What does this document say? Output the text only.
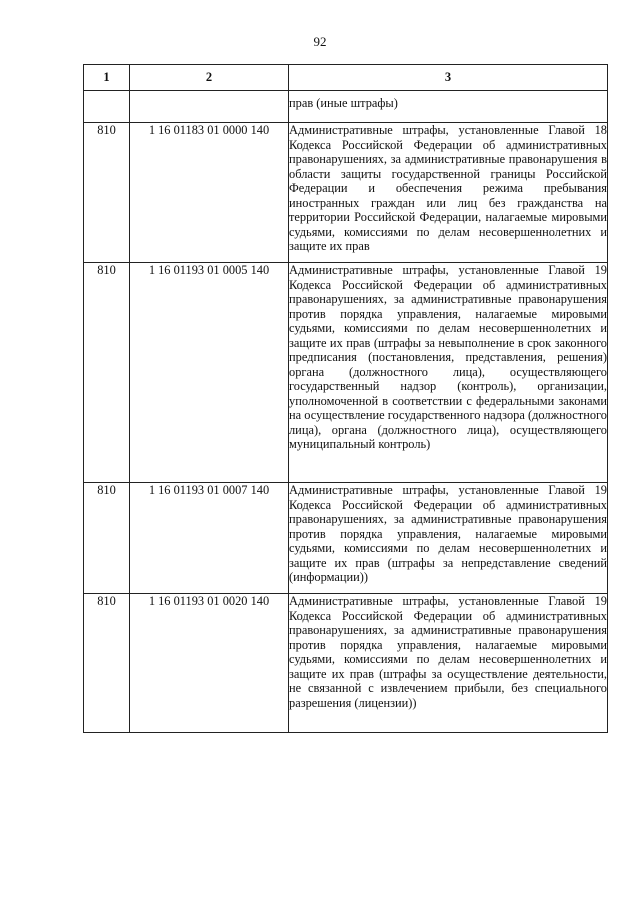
92
1	2	3
		прав (иные штрафы)
810	1 16 01183 01 0000 140	Административные штрафы, установленные Главой 18 Кодекса Российской Федерации об административных правонарушениях, за административные правонарушения в области защиты государственной границы Российской Федерации и обеспечения режима пребывания иностранных граждан или лиц без гражданства на территории Российской Федерации, налагаемые мировыми судьями, комиссиями по делам несовершеннолетних и защите их прав
810	1 16 01193 01 0005 140	Административные штрафы, установленные Главой 19 Кодекса Российской Федерации об административных правонарушениях, за административные правонарушения против порядка управления, налагаемые мировыми судьями, комиссиями по делам несовершеннолетних и защите их прав (штрафы за невыполнение в срок законного предписания (постановления, представления, решения) органа (должностного лица), осуществляющего государственный надзор (контроль), организации, уполномоченной в соответствии с федеральными законами на осуществление государственного надзора (должностного лица), органа (должностного лица), осуществляющего муниципальный контроль)
810	1 16 01193 01 0007 140	Административные штрафы, установленные Главой 19 Кодекса Российской Федерации об административных правонарушениях, за административные правонарушения против порядка управления, налагаемые мировыми судьями, комиссиями по делам несовершеннолетних и защите их прав (штрафы за непредставление сведений (информации))
810	1 16 01193 01 0020 140	Административные штрафы, установленные Главой 19 Кодекса Российской Федерации об административных правонарушениях, за административные правонарушения против порядка управления, налагаемые мировыми судьями, комиссиями по делам несовершеннолетних и защите их прав (штрафы за осуществление деятельности, не связанной с извлечением прибыли, без специального разрешения (лицензии))
